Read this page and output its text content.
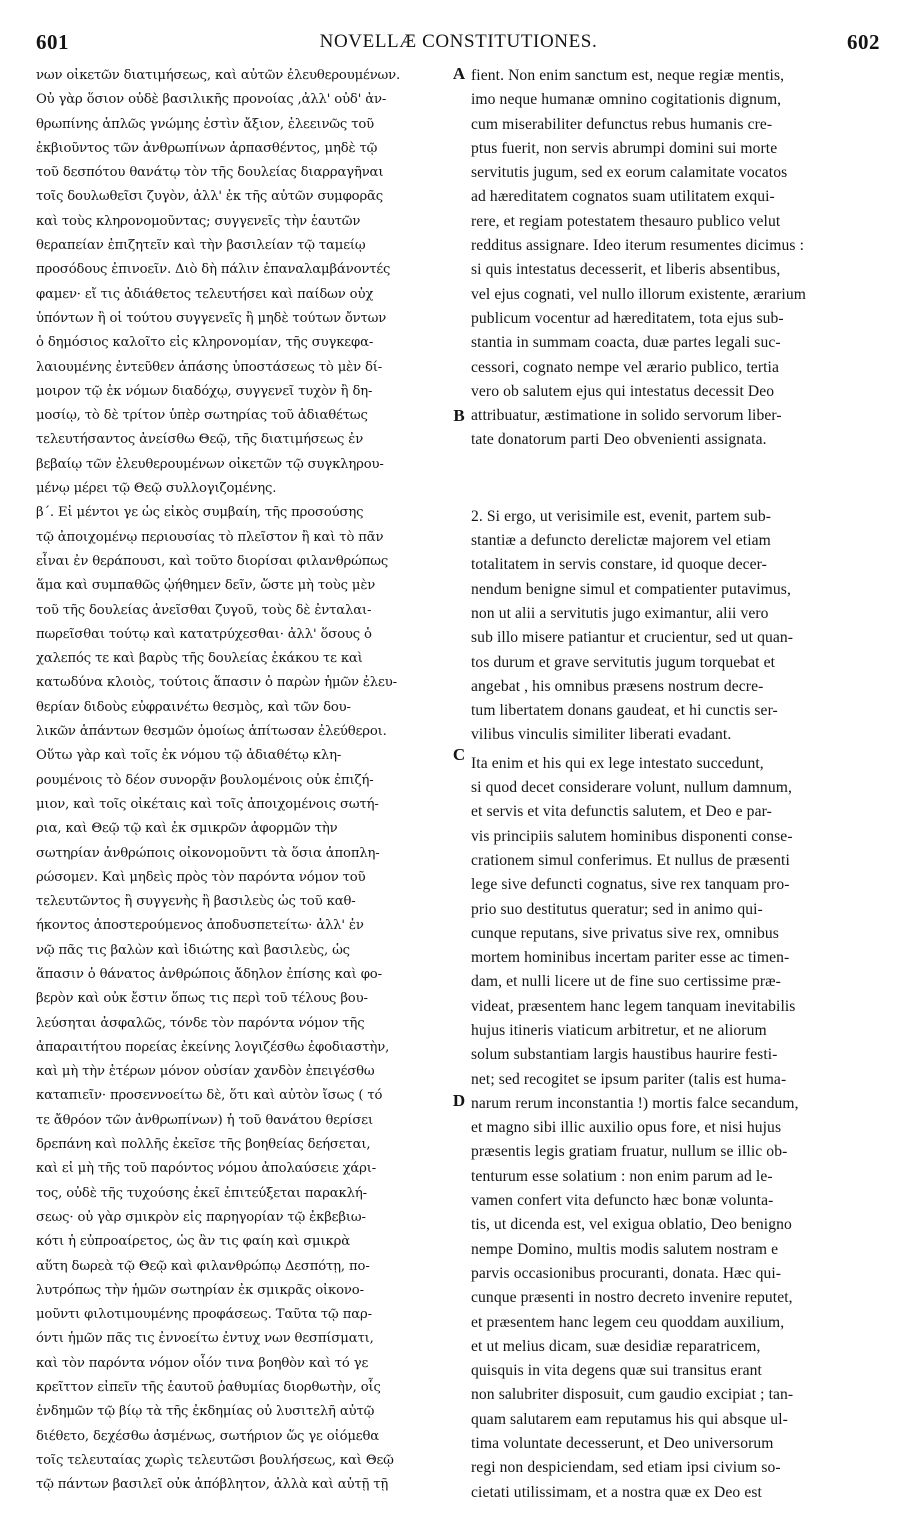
601	NOVELLÆ CONSTITUTIONES.	602
νων οἰκετῶν διατιμήσεως, καὶ αὐτῶν ἐλευθερουμένων.
Οὐ γὰρ ὅσιον οὐδὲ βασιλικῆς προνοίας ,ἀλλ' οὐδ' ἀν-
θρωπίνης ἁπλῶς γνώμης ἐστὶν ἄξιον, ἐλεεινῶς τοῦ
ἐκβιοῦντος τῶν ἀνθρωπίνων ἁρπασθέντος, μηδὲ τῷ
τοῦ δεσπότου θανάτῳ τὸν τῆς δουλείας διαρραγῆναι
τοῖς δουλωθεῖσι ζυγὸν, ἀλλ' ἐκ τῆς αὐτῶν συμφορᾶς
καὶ τοὺς κληρονομοῦντας; συγγενεῖς τὴν ἑαυτῶν
θεραπείαν ἐπιζητεῖν καὶ τὴν βασιλείαν τῷ ταμείῳ
προσόδους ἐπινοεῖν. Διὸ δὴ πάλιν ἐπαναλαμβάνοντές
φαμεν· εἴ τις ἀδιάθετος τελευτήσει καὶ παίδων οὐχ
ὑπόντων ἢ οἱ τούτου συγγενεῖς ἢ μηδὲ τούτων ὄντων
ὁ δημόσιος καλοῖτο εἰς κληρονομίαν, τῆς συγκεφα-
λαιουμένης ἐντεῦθεν ἁπάσης ὑποστάσεως τὸ μὲν δί-
μοιρον τῷ ἐκ νόμων διαδόχῳ, συγγενεῖ τυχὸν ἢ δη-
μοσίῳ, τὸ δὲ τρίτον ὑπὲρ σωτηρίας τοῦ ἀδιαθέτως
τελευτήσαντος ἀνείσθω Θεῷ, τῆς διατιμήσεως ἐν
βεβαίῳ τῶν ἐλευθερουμένων οἰκετῶν τῷ συγκληρου-
μένῳ μέρει τῷ Θεῷ συλλογιζομένης.
β΄. Εἰ μέντοι γε ὡς εἰκὸς συμβαίη, τῆς προσούσης
τῷ ἀποιχομένῳ περιουσίας τὸ πλεῖστον ἢ καὶ τὸ πᾶν
εἶναι ἐν θεράπουσι, καὶ τοῦτο διορίσαι φιλανθρώπως
ἅμα καὶ συμπαθῶς ᾠήθημεν δεῖν, ὥστε μὴ τοὺς μὲν
τοῦ τῆς δουλείας ἀνεῖσθαι ζυγοῦ, τοὺς δὲ ἐνταλαι-
πωρεῖσθαι τούτῳ καὶ κατατρύχεσθαι· ἀλλ' ὅσους ὁ
χαλεπός τε καὶ βαρὺς τῆς δουλείας ἐκάκου τε καὶ
κατωδύνα κλοιὸς, τούτοις ἅπασιν ὁ παρὼν ἡμῶν ἐλευ-
θερίαν διδοὺς εὐφραινέτω θεσμὸς, καὶ τῶν δου-
λικῶν ἁπάντων θεσμῶν ὁμοίως ἁπίτωσαν ἐλεύθεροι.
Οὕτω γὰρ καὶ τοῖς ἐκ νόμου τῷ ἀδιαθέτῳ κλη-
ρουμένοις τὸ δέον συνορᾷν βουλομένοις οὐκ ἐπιζή-
μιον, καὶ τοῖς οἰκέταις καὶ τοῖς ἀποιχομένοις σωτή-
ρια, καὶ Θεῷ τῷ καὶ ἐκ σμικρῶν ἀφορμῶν τὴν
σωτηρίαν ἀνθρώποις οἰκονομοῦντι τὰ ὅσια ἀποπλη-
ρώσομεν. Καὶ μηδεὶς πρὸς τὸν παρόντα νόμον τοῦ
τελευτῶντος ἢ συγγενὴς ἢ βασιλεὺς ὡς τοῦ καθ-
ήκοντος ἀποστερούμενος ἀποδυσπετείτω· ἀλλ' ἐν
νῷ πᾶς τις βαλὼν καὶ ἰδιώτης καὶ βασιλεὺς, ὡς
ἅπασιν ὁ θάνατος ἀνθρώποις ἄδηλον ἐπίσης καὶ φο-
βερὸν καὶ οὐκ ἔστιν ὅπως τις περὶ τοῦ τέλους βου-
λεύσηται ἀσφαλῶς, τόνδε τὸν παρόντα νόμον τῆς
ἀπαραιτήτου πορείας ἐκείνης λογιζέσθω ἐφοδιαστὴν,
καὶ μὴ τὴν ἑτέρων μόνον οὐσίαν χανδὸν ἐπειγέσθω
καταπιεῖν· προσεννοείτω δὲ, ὅτι καὶ αὐτὸν ἴσως ( τό
τε ἄθρόον τῶν ἀνθρωπίνων) ἡ τοῦ θανάτου θερίσει
δρεπάνη καὶ πολλῆς ἐκεῖσε τῆς βοηθείας δεήσεται,
καὶ εἰ μὴ τῆς τοῦ παρόντος νόμου ἀπολαύσειε χάρι-
τος, οὐδὲ τῆς τυχούσης ἐκεῖ ἐπιτεύξεται παρακλή-
σεως· οὐ γὰρ σμικρὸν εἰς παρηγορίαν τῷ ἐκβεβιω-
κότι ἡ εὐπροαίρετος, ὡς ἂν τις φαίη καὶ σμικρὰ
αὕτη δωρεὰ τῷ Θεῷ καὶ φιλανθρώπῳ Δεσπότῃ, πο-
λυτρόπως τὴν ἡμῶν σωτηρίαν ἐκ σμικρᾶς οἰκονο-
μοῦντι φιλοτιμουμένης προφάσεως. Ταῦτα τῷ παρ-
όντι ἡμῶν πᾶς τις ἐννοείτω ἐντυχ νων θεσπίσματι,
καὶ τὸν παρόντα νόμον οἷόν τινα βοηθὸν καὶ τό γε
κρεῖττον εἰπεῖν τῆς ἑαυτοῦ ῥαθυμίας διορθωτὴν, οἷς
ἐνδημῶν τῷ βίῳ τὰ τῆς ἐκδημίας οὐ λυσιτελῆ αὐτῷ
διέθετο, δεχέσθω ἀσμένως, σωτήριον ὥς γε οἰόμεθα
τοῖς τελευταίας χωρὶς τελευτῶσι βουλήσεως, καὶ Θεῷ
τῷ πάντων βασιλεῖ οὐκ ἀπόβλητον, ἀλλὰ καὶ αὐτῇ τῇ
fient. Non enim sanctum est, neque regiæ mentis,
imo neque humanæ omnino cogitationis dignum,
cum miserabiliter defunctus rebus humanis cre-
ptus fuerit, non servis abrumpi domini sui morte
servitutis jugum, sed ex eorum calamitate vocatos
ad hæreditatem cognatos suam utilitatem exqui-
rere, et regiam potestatem thesauro publico velut
redditus assignare. Ideo iterum resumentes dicimus :
si quis intestatus decesserit, et liberis absentibus,
vel ejus cognati, vel nullo illorum existente, ærarium
publicum vocentur ad hæreditatem, tota ejus sub-
stantia in summam coacta, duæ partes legali suc-
cessori, cognato nempe vel ærario publico, tertia
vero ob salutem ejus qui intestatus decessit Deo
attribuatur, æstimatione in solido servorum liber-
tate donatorum parti Deo obvenienti assignata.
2. Si ergo, ut verisimile est, evenit, partem sub-
stantiæ a defuncto derelictæ majorem vel etiam
totalitatem in servis constare, id quoque decer-
nendum benigne simul et compatienter putavimus,
non ut alii a servitutis jugo eximantur, alii vero
sub illo misere patiantur et crucientur, sed ut quan-
tos durum et grave servitutis jugum torquebat et
angebat , his omnibus præsens nostrum decre-
tum libertatem donans gaudeat, et hi cunctis ser-
vilibus vinculis similiter liberati evadant.
Ita enim et his qui ex lege intestato succedunt,
si quod decet considerare volunt, nullum damnum,
et servis et vita defunctis salutem, et Deo e par-
vis principiis salutem hominibus disponenti conse-
crationem simul conferimus. Et nullus de præsenti
lege sive defuncti cognatus, sive rex tanquam pro-
prio suo destitutus queratur; sed in animo qui-
cunque reputans, sive privatus sive rex, omnibus
mortem hominibus incertam pariter esse ac timen-
dam, et nulli licere ut de fine suo certissime præ-
videat, præsentem hanc legem tanquam inevitabilis
hujus itineris viaticum arbitretur, et ne aliorum
solum substantiam largis haustibus haurire festi-
net; sed recogitet se ipsum pariter (talis est huma-
narum rerum inconstantia !) mortis falce secandum,
et magno sibi illic auxilio opus fore, et nisi hujus
præsentis legis gratiam fruatur, nullum se illic ob-
tenturum esse solatium : non enim parum ad le-
vamen confert vita defuncto hæc bonæ volunta-
tis, ut dicenda est, vel exigua oblatio, Deo benigno
nempe Domino, multis modis salutem nostram e
parvis occasionibus procuranti, donata. Hæc qui-
cunque præsenti in nostro decreto invenire reputet,
et præsentem hanc legem ceu quoddam auxilium,
et ut melius dicam, suæ desidiæ reparatricem,
quisquis in vita degens quæ sui transitus erant
non salubriter disposuit, cum gaudio excipiat ; tan-
quam salutarem eam reputamus his qui absque ul-
tima voluntate decesserunt, et Deo universorum
regi non despiciendam, sed etiam ipsi civium so-
cietati utilissimam, et a nostra quæ ex Deo est
A
B
C
D
